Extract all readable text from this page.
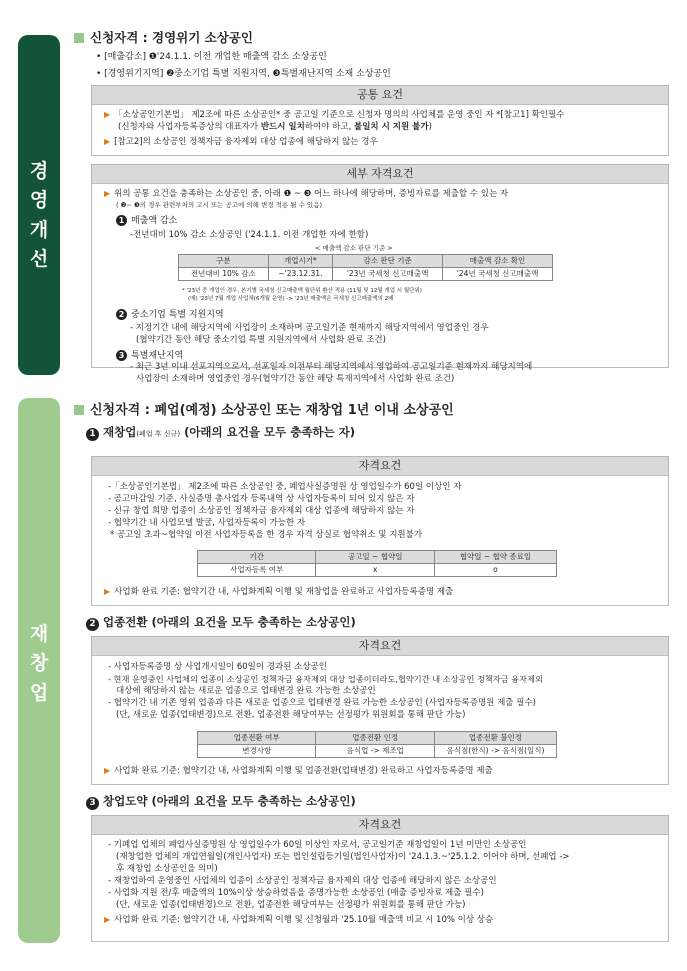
경
영
개
선
재
창
업
신청자격 : 경영위기 소상공인
• [매출감소] ❶'24.1.1. 이전 개업한 매출액 감소 소상공인
• [경영위기지역] ❷중소기업 특별 지원지역, ❸특별재난지역 소재 소상공인
공통 요건
▶ 「소상공인기본법」 제2조에 따른 소상공인* 중 공고일 기준으로 신청자 명의의 사업체를 운영 중인 자 *[참고1] 확인필수
(신청자와 사업자등록증상의 대표자가 반드시 일치하여야 하고, 불일치 시 지원 불가)
▶ [참고2]의 소상공인 정책자금 융자제외 대상 업종에 해당하지 않는 경우
세부 자격요건
▶ 위의 공통 요건을 충족하는 소상공인 중, 아래 ❶ ~ ❸ 어느 하나에 해당하며, 증빙자료를 제출할 수 있는 자
( ❷~ ❸의 경우 관련부처의 고시 또는 공고에 의해 변경 적용 될 수 있음)
1 매출액 감소
-전년대비 10% 감소 소상공인 ('24.1.1. 이전 개업한 자에 한함)
< 매출액 감소 판단 기준 >
구분	개업시기*	감소 판단 기준	매출액 감소 확인
전년대비 10% 감소	~'23.12.31.	'23년 국세청 신고매출액	'24년 국세청 신고매출액
* '23년 중 개업인 경우, 본기별 국세청 신고매출액 월단위 환산 적용 (11월 및 12월 개업 시 월단위)
(예) '23년 7월 개업 사업체(6개월 운영) -> '23년 매출액은 국세청 신고매출액의 2배
2 중소기업 특별 지원지역
- 지정기간 내에 해당지역에 사업장이 소재하며 공고일기준 현재까지 해당지역에서 영업중인 경우
(협약기간 동안 해당 중소기업 특별 지원지역에서 사업화 완료 조건)
3 특별재난지역
- 최근 3년 이내 선포지역으로서, 선포일자 이전부터 해당지역에서 영업하여 공고일기준 현재까지 해당지역에
사업장이 소재하며 영업중인 경우(협약기간 동안 해당 특재지역에서 사업화 완료 조건)
신청자격 : 폐업(예정) 소상공인 또는 재창업 1년 이내 소상공인
1 재창업(폐업 후 신규) (아래의 요건을 모두 충족하는 자)
자격요건
-「소상공인기본법」 제2조에 따른 소상공인 중, 폐업사실증명원 상 영업일수가 60일 이상인 자
- 공고마감일 기준, 사실증명 총사업자 등록내역 상 사업자등록이 되어 있지 않은 자
- 신규 창업 희망 업종이 소상공인 정책자금 융자제외 대상 업종에 해당하지 않는 자
- 협약기간 내 사업모델 발굴, 사업자등록이 가능한 자
* 공고일 초과~협약일 이전 사업자등록을 한 경우 자격 상실로 협약취소 및 지원불가
기간	공고일 ~ 협약일	협약일 ~ 협약 종료일
사업자등록 여부	x	o
▶ 사업화 완료 기준: 협약기간 내, 사업화계획 이행 및 재창업을 완료하고 사업자등록증명 제출
2 업종전환 (아래의 요건을 모두 충족하는 소상공인)
자격요건
- 사업자등록증명 상 사업개시일이 60일이 경과된 소상공인
- 현재 운영중인 사업체의 업종이 소상공인 정책자금 융자제외 대상 업종이더라도,협약기간 내 소상공인 정책자금 융자제외
대상에 해당하지 않는 새로운 업종으로 업태변경 완료 가능한 소상공인
- 협약기간 내 기존 영위 업종과 다른 새로운 업종으로 업태변경 완료 가능한 소상공인 (사업자등록증명원 제출 필수)
(단, 새로운 업종(업태변경)으로 전환, 업종전환 해당여부는 선정평가 위원회를 통해 판단 가능)
업종전환 여부	업종전환 인정	업종전환 불인정
변경사항	음식업 -> 제조업	음식점(한식) -> 음식점(일식)
▶ 사업화 완료 기준: 협약기간 내, 사업화계획 이행 및 업종전환(업태변경) 완료하고 사업자등록증명 제출
3 창업도약 (아래의 요건을 모두 충족하는 소상공인)
자격요건
- 기폐업 업체의 폐업사실증명원 상 영업일수가 60일 이상인 자로서, 공고일기준 재창업일이 1년 미만인 소상공인
(재창업한 업체의 개업연월일(개인사업자) 또는 법인설립등기일(법인사업자)이 '24.1.3.~'25.1.2. 이어야 하며, 선폐업 ->
후 재창업 소상공인을 의미)
- 재창업하여 운영중인 사업체의 업종이 소상공인 정책자금 융자제외 대상 업종에 해당하지 않은 소상공인
- 사업화 지원 전/후 매출액의 10%이상 상승하였음을 증명가능한 소상공인 (매출 증빙자료 제출 필수)
(단, 새로운 업종(업태변경)으로 전환, 업종전환 해당여부는 선정평가 위원회를 통해 판단 가능)
▶ 사업화 완료 기준: 협약기간 내, 사업화계획 이행 및 신청월과 '25.10월 매출액 비교 시 10% 이상 상승
